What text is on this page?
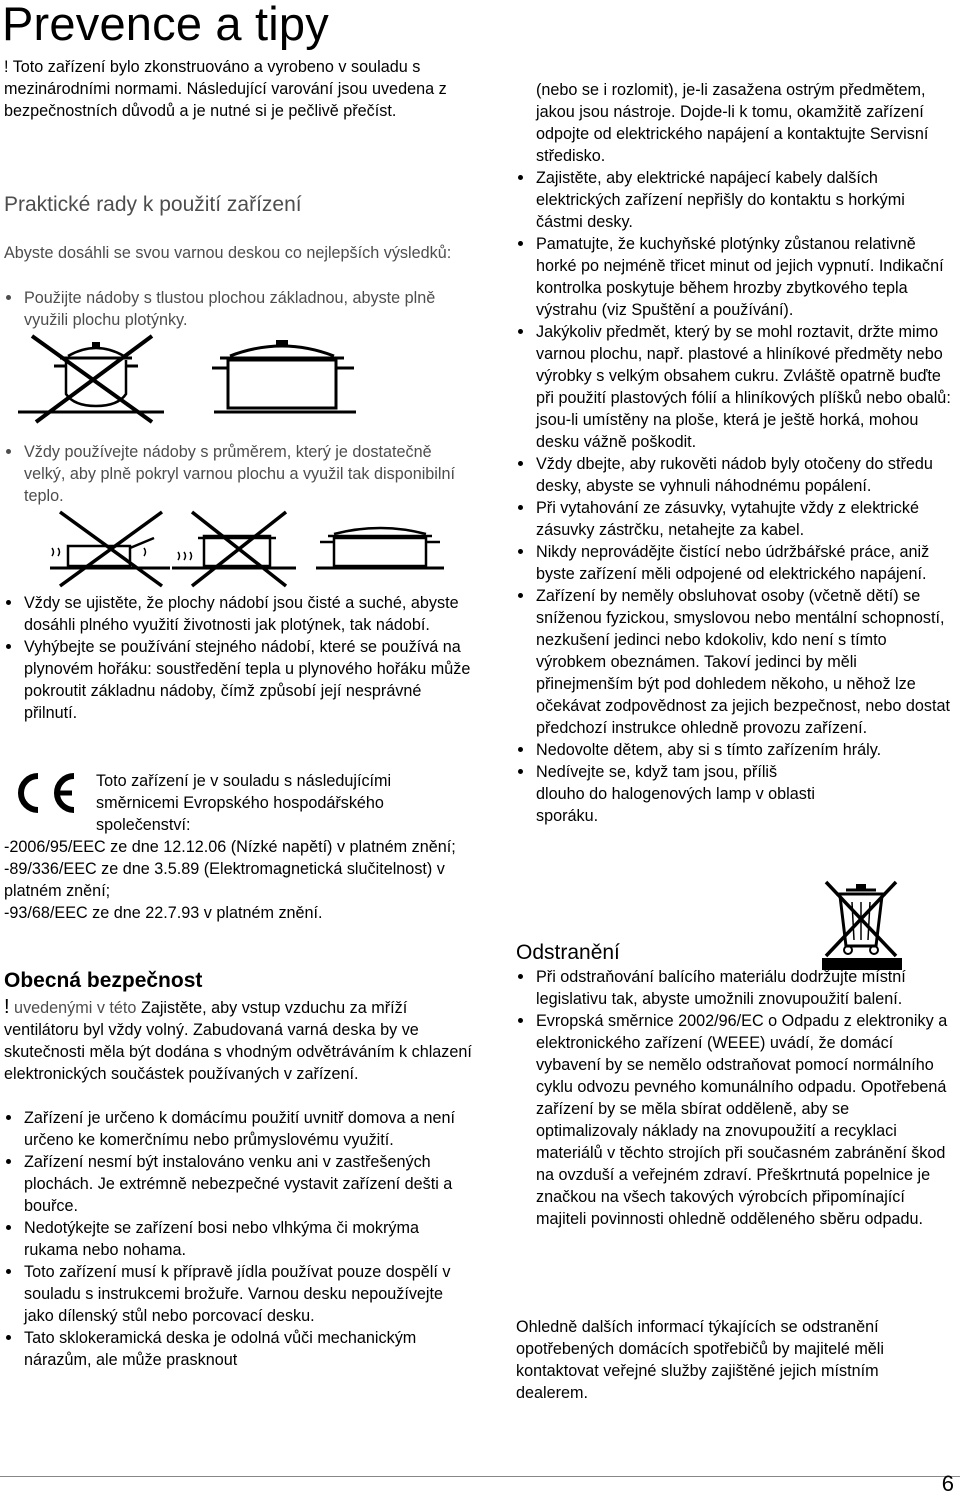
Prevence a tipy

! Toto zařízení bylo zkonstruováno a vyrobeno v souladu s mezinárodními normami. Následující varování jsou uvedena z bezpečnostních důvodů a je nutné si je pečlivě přečíst.

Praktické rady k použití zařízení

Abyste dosáhli se svou varnou deskou co nejlepších výsledků:

Použijte nádoby s tlustou plochou základnou, abyste plně využili plochu plotýnky.
Vždy používejte nádoby s průměrem, který je dostatečně velký, aby plně pokryl varnou plochu a využil tak disponibilní teplo.
Vždy se ujistěte, že plochy nádobí jsou čisté a suché, abyste dosáhli plného využití životnosti jak plotýnek, tak nádobí.
Vyhýbejte se používání stejného nádobí, které se používá na plynovém hořáku: soustředění tepla u plynového hořáku může pokroutit základnu nádoby, čímž způsobí její nesprávné přilnutí.

Toto zařízení je v souladu s následujícími směrnicemi Evropského hospodářského společenství:

-2006/95/EEC ze dne 12.12.06 (Nízké napětí) v platném znění;

-89/336/EEC ze dne 3.5.89 (Elektromagnetická slučitelnost) v platném znění;

-93/68/EEC ze dne 22.7.93 v platném znění.

Obecná bezpečnost

! uvedenými v této Zajistěte, aby vstup vzduchu za mříží ventilátoru byl vždy volný. Zabudovaná varná deska by ve skutečnosti měla být dodána s vhodným odvětráváním k chlazení elektronických součástek používaných v zařízení.

Zařízení je určeno k domácímu použití uvnitř domova a není určeno ke komerčnímu nebo průmyslovému využití.
Zařízení nesmí být instalováno venku ani v zastřešených plochách. Je extrémně nebezpečné vystavit zařízení dešti a bouřce.
Nedotýkejte se zařízení bosi nebo vlhkýma či mokrýma rukama nebo nohama.
Toto zařízení musí k přípravě jídla používat pouze dospělí v souladu s instrukcemi brožuře. Varnou desku nepoužívejte jako dílenský stůl nebo porcovací desku.
Tato sklokeramická deska je odolná vůči mechanickým nárazům, ale může prasknout

(nebo se i rozlomit), je-li zasažena ostrým předmětem, jakou jsou nástroje. Dojde-li k tomu, okamžitě zařízení odpojte od elektrického napájení a kontaktujte Servisní středisko.

Zajistěte, aby elektrické napájecí kabely dalších elektrických zařízení nepřišly do kontaktu s horkými částmi desky.
Pamatujte, že kuchyňské plotýnky zůstanou relativně horké po nejméně třicet minut od jejich vypnutí. Indikační kontrolka poskytuje během hrozby zbytkového tepla výstrahu (viz Spuštění a používání).
Jakýkoliv předmět, který by se mohl roztavit, držte mimo varnou plochu, např. plastové a hliníkové předměty nebo výrobky s velkým obsahem cukru. Zvláště opatrně buďte při použití plastových fólií a hliníkových plíšků nebo obalů: jsou-li umístěny na ploše, která je ještě horká, mohou desku vážně poškodit.
Vždy dbejte, aby rukověti nádob byly otočeny do středu desky, abyste se vyhnuli náhodnému popálení.
Při vytahování ze zásuvky, vytahujte vždy z elektrické zásuvky zástrčku, netahejte za kabel.
Nikdy neprovádějte čistící nebo údržbářské práce, aniž byste zařízení měli odpojené od elektrického napájení.
Zařízení by neměly obsluhovat osoby (včetně dětí) se sníženou fyzickou, smyslovou nebo mentální schopností, nezkušení jedinci nebo kdokoliv, kdo není s tímto výrobkem obeznámen. Takoví jedinci by měli přinejmenším být pod dohledem někoho, u něhož lze očekávat zodpovědnost za jejich bezpečnost, nebo dostat předchozí instrukce ohledně provozu zařízení.
Nedovolte dětem, aby si s tímto zařízením hrály.
Nedívejte se, když tam jsou, příliš dlouho do halogenových lamp v oblasti sporáku.
Odstranění
Při odstraňování balícího materiálu dodržujte místní legislativu tak, abyste umožnili znovupoužití balení.
Evropská směrnice 2002/96/EC o Odpadu z elektroniky a elektronického zařízení (WEEE) uvádí, že domácí vybavení by se nemělo odstraňovat pomocí normálního cyklu odvozu pevného komunálního odpadu. Opotřebená zařízení by se měla sbírat odděleně, aby se optimalizovaly náklady na znovupoužití a recyklaci materiálů v těchto strojích při současném zabránění škod na ovzduší a veřejném zdraví. Přeškrtnutá popelnice je značkou na všech takových výrobcích připomínající majiteli povinnosti ohledně odděleného sběru odpadu.

Ohledně dalších informací týkajících se odstranění opotřebených domácích spotřebičů by majitelé měli kontaktovat veřejné služby zajištěné jejich místním dealerem.

6
